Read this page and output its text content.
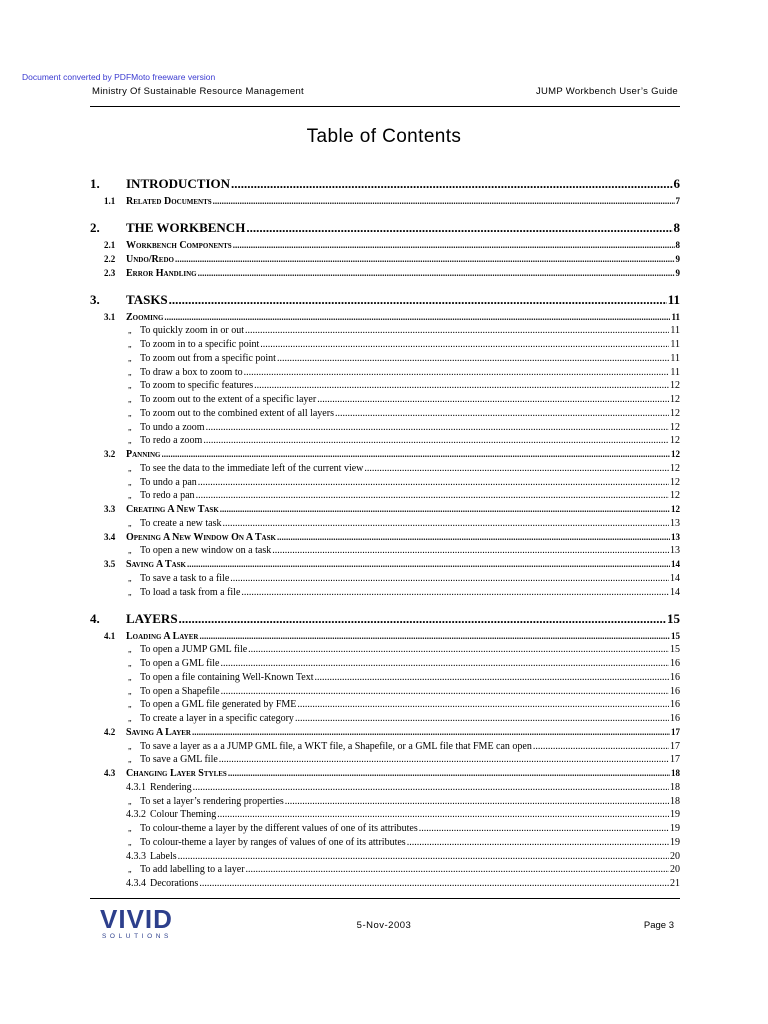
Document converted by PDFMoto freeware version
Ministry Of Sustainable Resource Management	JUMP Workbench User’s Guide
Table of Contents
1.	INTRODUCTION .....	6
1.1	Related Documents .....	7
2.	THE WORKBENCH .....	8
2.1	Workbench Components .....	8
2.2	Undo/Redo .....	9
2.3	Error Handling .....	9
3.	TASKS .....	11
3.1	Zooming .....	11
„ To quickly zoom in or out .....	11
„ To zoom in to a specific point .....	11
„ To zoom out from a specific point .....	11
„ To draw a box to zoom to .....	11
„ To zoom to specific features .....	12
„ To zoom out to the extent of a specific layer .....	12
„ To zoom out to the combined extent of all layers .....	12
„ To undo a zoom .....	12
„ To redo a zoom .....	12
3.2	Panning .....	12
„ To see the data to the immediate left of the current view .....	12
„ To undo a pan .....	12
„ To redo a pan .....	12
3.3	Creating A New Task .....	12
„ To create a new task .....	13
3.4	Opening A New Window On A Task .....	13
„ To open a new window on a task .....	13
3.5	Saving A Task .....	14
„ To save a task to a file .....	14
„ To load a task from a file .....	14
4.	LAYERS .....	15
4.1	Loading A Layer .....	15
„ To open a JUMP GML file .....	15
„ To open a GML file .....	16
„ To open a file containing Well-Known Text .....	16
„ To open a Shapefile .....	16
„ To open a GML file generated by FME .....	16
„ To create a layer in a specific category .....	16
4.2	Saving A Layer .....	17
„ To save a layer as a a JUMP GML file, a WKT file, a Shapefile, or a GML file that FME can open .....	17
„ To save a GML file .....	17
4.3	Changing Layer Styles .....	18
4.3.1 Rendering .....	18
„ To set a layer’s rendering properties .....	18
4.3.2 Colour Theming .....	19
„ To colour-theme a layer by the different values of one of its attributes .....	19
„ To colour-theme a layer by ranges of values of one of its attributes .....	19
4.3.3 Labels .....	20
„ To add labelling to a layer .....	20
4.3.4 Decorations .....	21
VIVID
SOLUTIONS
5-Nov-2003	Page 3
